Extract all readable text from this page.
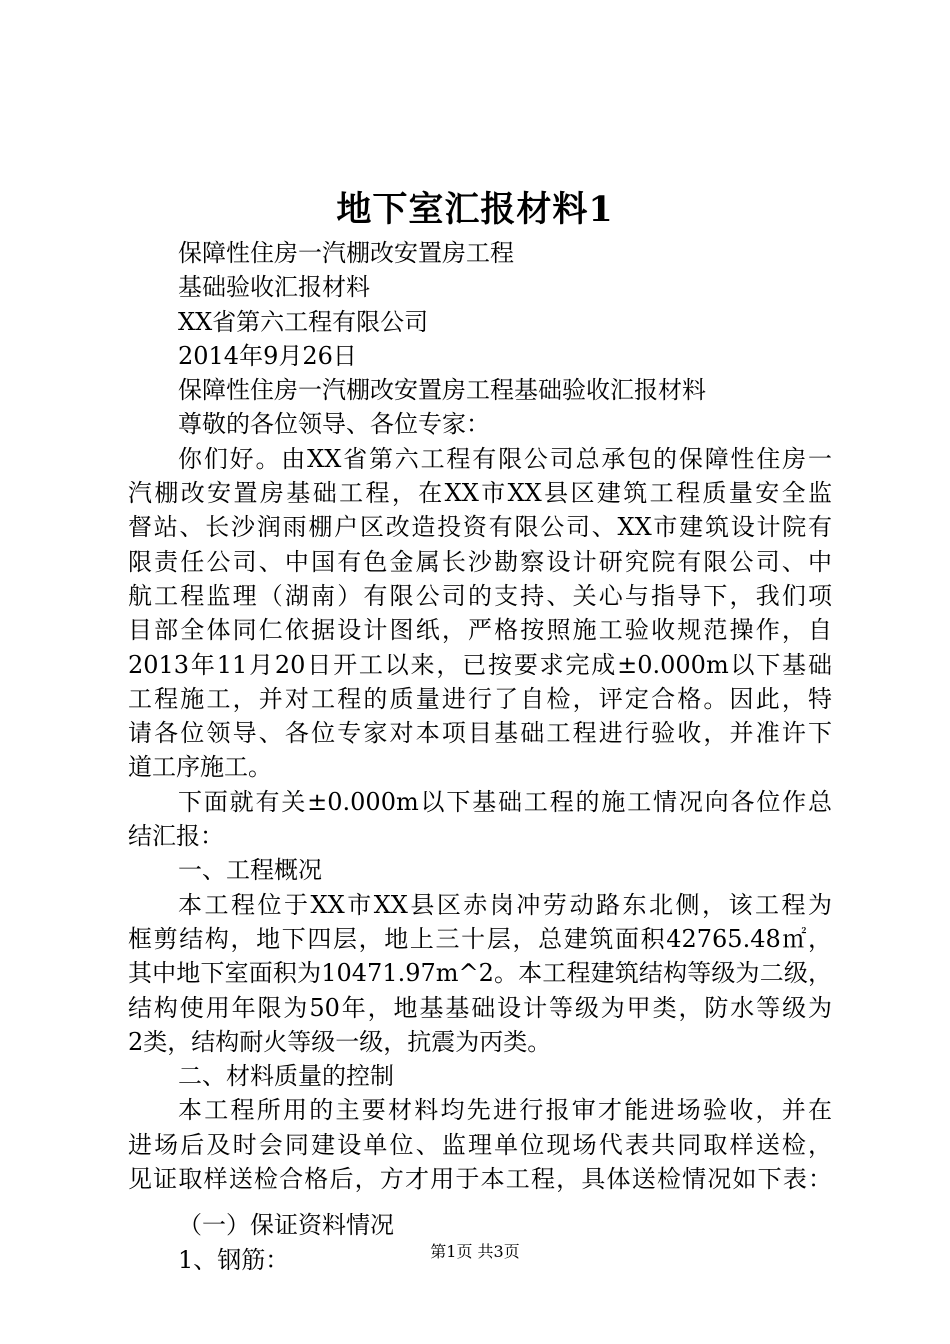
地下室汇报材料1
保障性住房一汽棚改安置房工程
基础验收汇报材料
XX省第六工程有限公司
2014年9月26日
保障性住房一汽棚改安置房工程基础验收汇报材料
尊敬的各位领导、各位专家：
你们好。由XX省第六工程有限公司总承包的保障性住房一
汽棚改安置房基础工程，在XX市XX县区建筑工程质量安全监
督站、长沙润雨棚户区改造投资有限公司、XX市建筑设计院有
限责任公司、中国有色金属长沙勘察设计研究院有限公司、中
航工程监理（湖南）有限公司的支持、关心与指导下，我们项
目部全体同仁依据设计图纸，严格按照施工验收规范操作，自
2013年11月20日开工以来，已按要求完成±0.000m以下基础
工程施工，并对工程的质量进行了自检，评定合格。因此，特
请各位领导、各位专家对本项目基础工程进行验收，并准许下
道工序施工。
下面就有关±0.000m以下基础工程的施工情况向各位作总
结汇报：
一、工程概况
本工程位于XX市XX县区赤岗冲劳动路东北侧，该工程为
框剪结构，地下四层，地上三十层，总建筑面积42765.48㎡，
其中地下室面积为10471.97m^2。本工程建筑结构等级为二级，
结构使用年限为50年，地基基础设计等级为甲类，防水等级为
2类，结构耐火等级一级，抗震为丙类。
二、材料质量的控制
本工程所用的主要材料均先进行报审才能进场验收，并在
进场后及时会同建设单位、监理单位现场代表共同取样送检，
见证取样送检合格后，方才用于本工程，具体送检情况如下表：
（一）保证资料情况
1、钢筋：	第1页 共3页
